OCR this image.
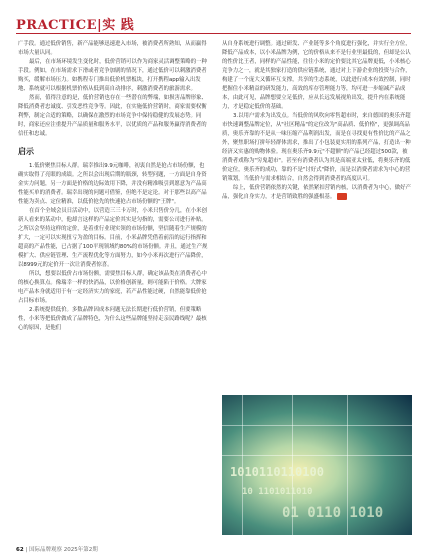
PRACTICE|实 践

广手段。通过低价销售，新产品能够迅速进入市场，被消费者所熟知，从而赢得市场大量认同。

最后，在市场环境发生变化时，低价营销可以作为商家灵活调整策略的一种手段。例如，在市场需求下滑或者竞争加剧的情况下，通过低价可以刺激消费者购买，缓解市场压力。如携程专门推出低价机票板块，打开携程app输入出发地、系统就可以根据机票价格从低到高自动排序，刺激消费者的旅游需求。

然而，值得注意的是，低价营销也存在一些潜在的弊端，如损害品牌形象、降低消费者忠诚度、引发恶性竞争等。因此，在实施低价营销时，商家需要权衡利弊，制定合适的策略，以确保在激烈的市场竞争中保持稳健的发展态势。同时，商家还应注重提升产品质量和服务水平，以优质的产品和服务赢得消费者的信任和忠诚。

启示

1.低价聚焦目标人群。瑞幸推出9.9元咖啡，初衷自然是抢占市场份额，也确实取得了亮眼的成绩。之所以会出现后期的瓶颈，转型问题，一方面是自身资金实力问题，另一方面是价格的边际效用下降，并没有精准吸引到愿意为产品高性能买单的消费者。瑞幸出现的问题可借鉴，但绝不是定论。对于那些以高产品性能为卖点、定位精准，以低价抢先的快速抢占市场份额的"王牌"。

在首个全域会员日活动中，以营造三三卡万时，小米只售价分几，在小米创新人看来的某动中，他却言这样的产品定价其实是匀指的，需要公司进行补贴。之所以会坚持这样的定价，是着重行业现实领的市场份额，坚信随着生产规模的扩大，一定可以实现扭亏为盈的目标。目前，小米品牌凭借着前沿的运行指挥和超高的产品性能，已占据了100平现领域约80%的市场份额。并且，通过生产规模扩大、供应链管理、生产流程优化等方面努力，如今小米再次进行产品降价，以8999元的定价开一次让消费者惊喜。

所以，想要以低价占市场份额，需要焦目标人群，确定该品类在消费者心中的核心换算点。像瑞幸一样的快消品，以价格创新量，则可能陷于价格。大牌家电产品本身就适用于有一定经济实力的家庭，若产品性能过硬，自然能靠低价抢占目标市场。

2.系统提供低价。多数品牌因成本问题无法长期进行低价营销，但要策略性，小米等把低价做成了品牌特色，为什么这些品牌能坚持走亲民路线呢？最核心的原因，是他们

从自身系统进行调整。通过研发、产业链等多个角度进行强化，并实行全方位，降低产品成本，以小米品牌为例，它的价格从来不是行业里最低的，但却是公认的性价比王者，同样的产品性能，往往小米的定价要比其它品牌更低，小米核心竞争力之一，就是其独家打造的供应链系统，通过对上下游企业的投资与合作，构建了一个庞大又循环互支撑，共享的生态系统，以此进行成本有效控制，同时把握住小米精益的研发能力，高效的库存管理能力等，均可进一步缩减产品成本，由此可见，品牌想要立足低价，应从长远发展视角出发，提升内在系统能力，才是稳定低价的基础。

3.以用户需求为出发点。当低价的风吹向零售超市时，来自德国的奥乐齐超市快速调整品牌定位，从"社区精品"的定位改为"高品质、低价格"，更强调高品质，奥乐齐靠的不是从一味压缩产品利润出发，而是在寻找更有性价比的产品之外，聚焦职场打拼年轻群体需求，推出了小包装更实用的系列产品，打造出一种经济又实惠的购物体验。现在奥乐齐9.9元"不超额"的产品已经超过500款，被消费者戏称为"穷鬼超市"。甚至有消费者认为其是高端亚太业低，将奥乐齐的低价定位，奥乐齐的成功，靠的不是"讨好式"降价，而是以消费者需求为中心的营销策划，当低价与需求相结合，自然会得到消费者的高度认可。

综上，低价营销依然的关键，依然紧扣营销内核，以消费者为中心，做好产品，强化自身实力，才是营销致胜的强盛根基。	TR

1010110110100
10 1101011010
01 0110 1010
62 | 国际品牌观察 2025年第2期
